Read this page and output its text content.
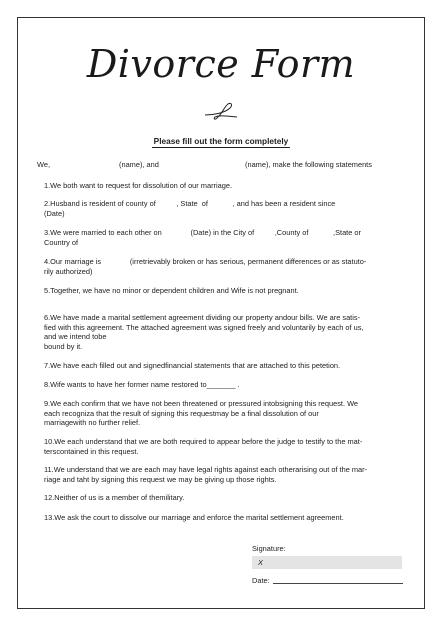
Divorce Form
Please fill out the form completely
We,	(name), and	(name), make the following statements
1.We both want to request for dissolution of our marriage.
2.Husband is resident of county of          , State  of            , and has been a resident since
(Date)
3.We were married to each other on              (Date) in the City of          ,County of            ,State or
Country of
4.Our marriage is              (irretrievably broken or has serious, permanent differences or as statuto-
rily authorized)
5.Together, we have no minor or dependent children and Wife is not pregnant.
6.We have made a marital settlement agreement dividing our property andour bills. We are satis-
fied with this agreement. The attached agreement was signed freely and voluntarily by each of us,
and we intend tobe
bound by it.
7.We have each filled out and signedfinancial statements that are attached to this petetion.
8.Wife wants to have her former name restored to_______ .
9.We each confirm that we have not been threatened or pressured intobsigning this request. We
each recogniza that the result of signing this requestmay be a final dissolution of our
marriagewith no further relief.
10.We each understand that we are both required to appear before the judge to testify to the mat-
terscontained in this request.
11.We understand that we are each may have legal rights against each otherarising out of the mar-
riage and taht by signing this request we may be giving up those rights.
12.Neither of us is a member of themilitary.
13.We ask the court to dissolve our marriage and enforce the marital settlement agreement.
Signature:
X
Date:
